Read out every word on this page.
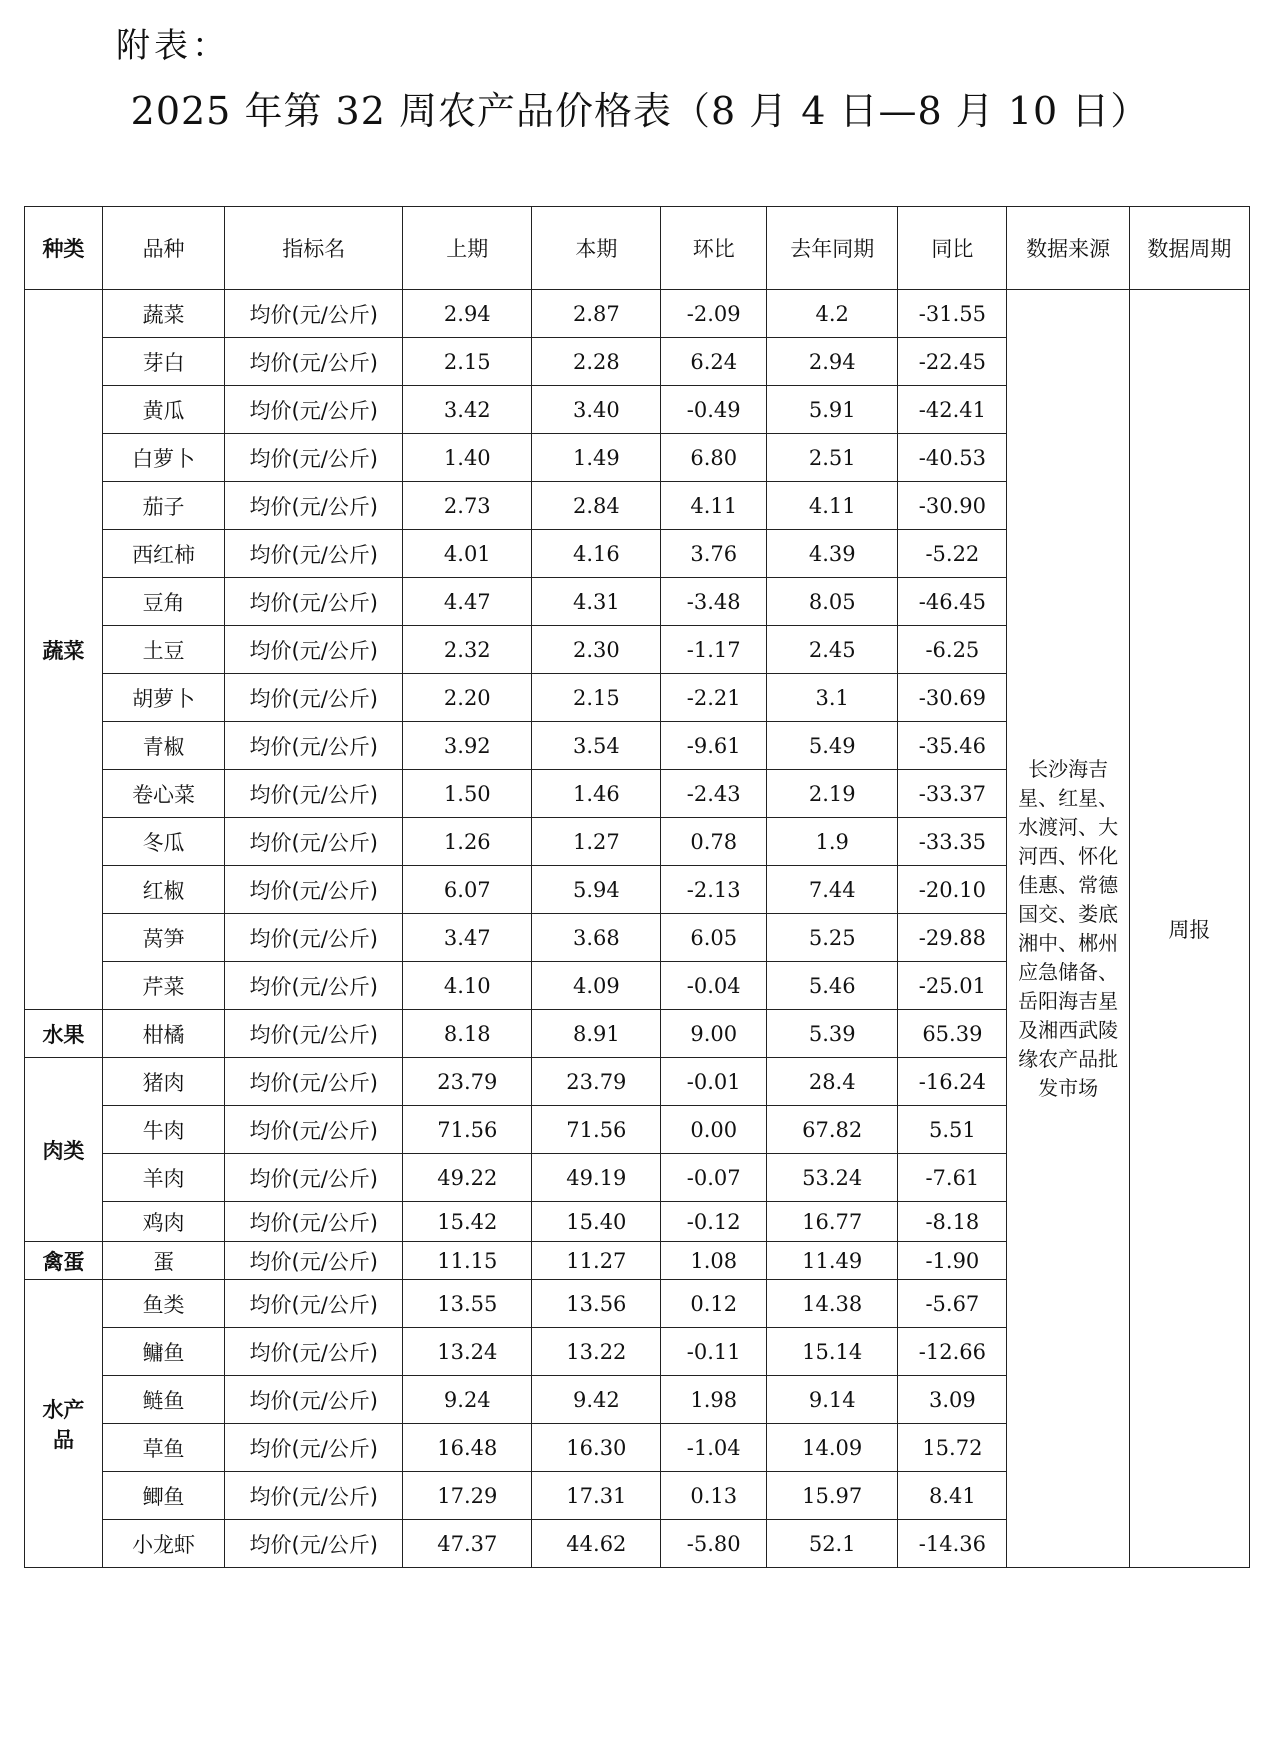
附表：
2025 年第 32 周农产品价格表（8 月 4 日—8 月 10 日）
种类	品种	指标名	上期	本期	环比	去年同期	同比	数据来源	数据周期
蔬菜	蔬菜	均价(元/公斤)	2.94	2.87	-2.09	4.2	-31.55	长沙海吉星、红星、水渡河、大河西、怀化佳惠、常德国交、娄底湘中、郴州应急储备、岳阳海吉星及湘西武陵缘农产品批发市场	周报
	芽白	均价(元/公斤)	2.15	2.28	6.24	2.94	-22.45		
	黄瓜	均价(元/公斤)	3.42	3.40	-0.49	5.91	-42.41		
	白萝卜	均价(元/公斤)	1.40	1.49	6.80	2.51	-40.53		
	茄子	均价(元/公斤)	2.73	2.84	4.11	4.11	-30.90		
	西红柿	均价(元/公斤)	4.01	4.16	3.76	4.39	-5.22		
	豆角	均价(元/公斤)	4.47	4.31	-3.48	8.05	-46.45		
	土豆	均价(元/公斤)	2.32	2.30	-1.17	2.45	-6.25		
	胡萝卜	均价(元/公斤)	2.20	2.15	-2.21	3.1	-30.69		
	青椒	均价(元/公斤)	3.92	3.54	-9.61	5.49	-35.46		
	卷心菜	均价(元/公斤)	1.50	1.46	-2.43	2.19	-33.37		
	冬瓜	均价(元/公斤)	1.26	1.27	0.78	1.9	-33.35		
	红椒	均价(元/公斤)	6.07	5.94	-2.13	7.44	-20.10		
	莴笋	均价(元/公斤)	3.47	3.68	6.05	5.25	-29.88		
	芹菜	均价(元/公斤)	4.10	4.09	-0.04	5.46	-25.01		
水果	柑橘	均价(元/公斤)	8.18	8.91	9.00	5.39	65.39		
肉类	猪肉	均价(元/公斤)	23.79	23.79	-0.01	28.4	-16.24		
	牛肉	均价(元/公斤)	71.56	71.56	0.00	67.82	5.51		
	羊肉	均价(元/公斤)	49.22	49.19	-0.07	53.24	-7.61		
	鸡肉	均价(元/公斤)	15.42	15.40	-0.12	16.77	-8.18		
禽蛋	蛋	均价(元/公斤)	11.15	11.27	1.08	11.49	-1.90		
水产品	鱼类	均价(元/公斤)	13.55	13.56	0.12	14.38	-5.67		
	鳙鱼	均价(元/公斤)	13.24	13.22	-0.11	15.14	-12.66		
	鲢鱼	均价(元/公斤)	9.24	9.42	1.98	9.14	3.09		
	草鱼	均价(元/公斤)	16.48	16.30	-1.04	14.09	15.72		
	鲫鱼	均价(元/公斤)	17.29	17.31	0.13	15.97	8.41		
	小龙虾	均价(元/公斤)	47.37	44.62	-5.80	52.1	-14.36		
